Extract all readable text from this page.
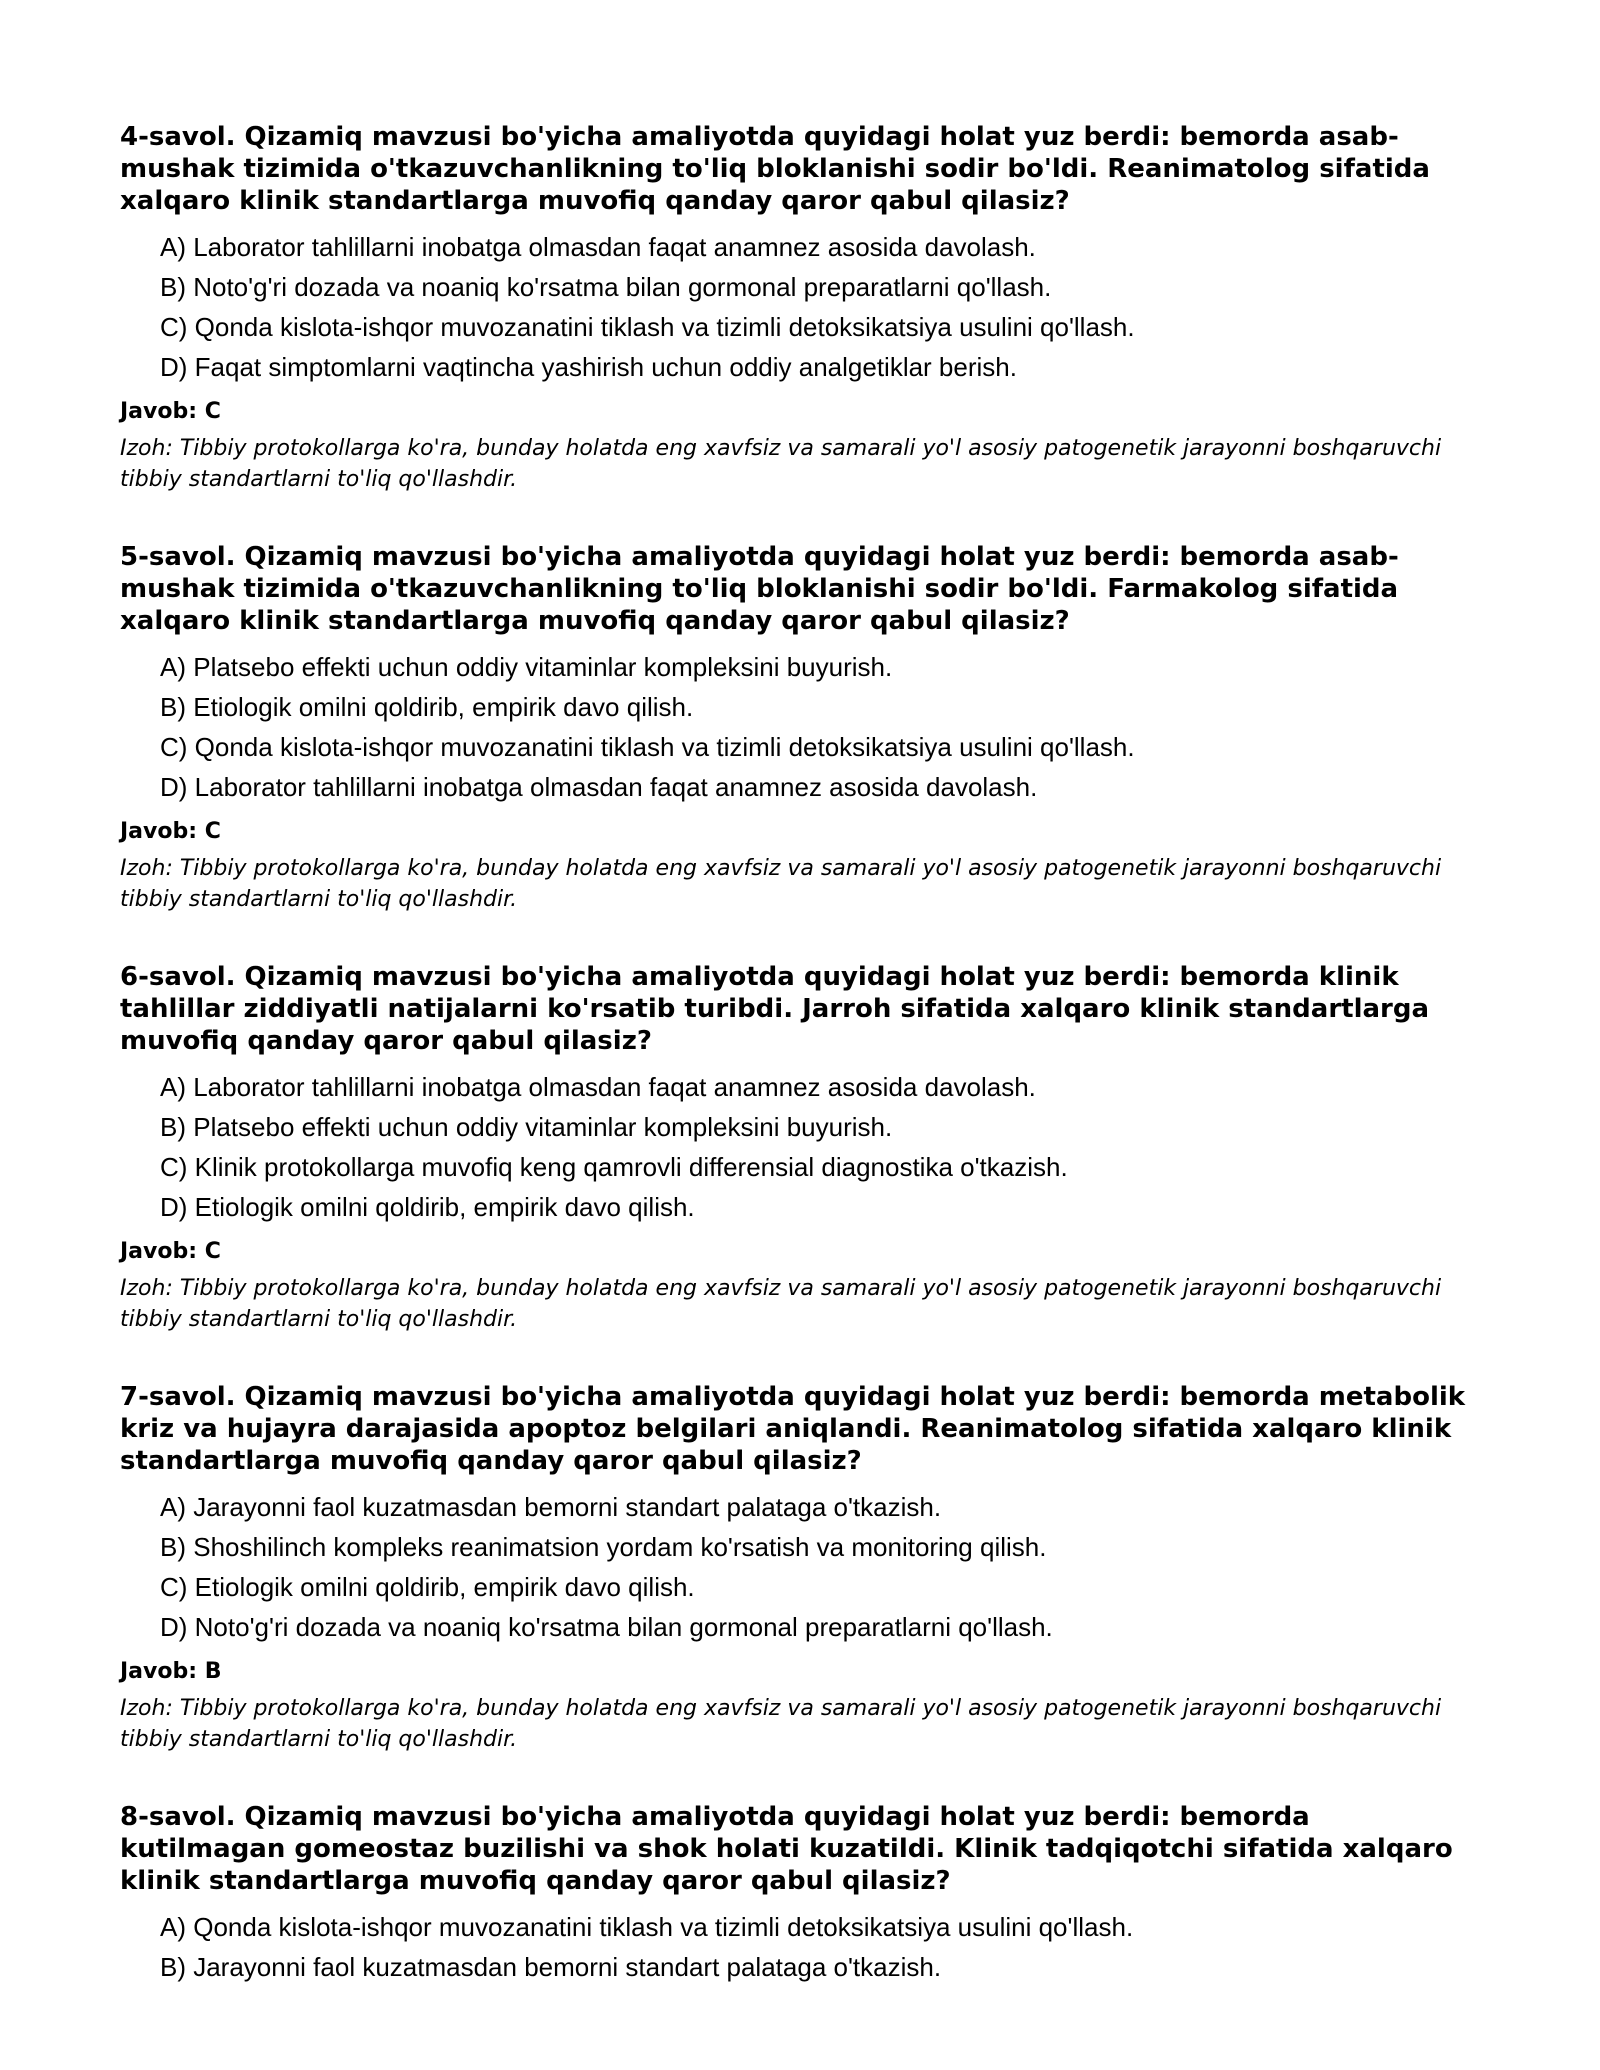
4-savol. Qizamiq mavzusi bo'yicha amaliyotda quyidagi holat yuz berdi: bemorda asab-mushak tizimida o'tkazuvchanlikning to'liq bloklanishi sodir bo'ldi. Reanimatolog sifatida xalqaro klinik standartlarga muvofiq qanday qaror qabul qilasiz?

A) Laborator tahlillarni inobatga olmasdan faqat anamnez asosida davolash.
B) Noto'g'ri dozada va noaniq ko'rsatma bilan gormonal preparatlarni qo'llash.
C) Qonda kislota-ishqor muvozanatini tiklash va tizimli detoksikatsiya usulini qo'llash.
D) Faqat simptomlarni vaqtincha yashirish uchun oddiy analgetiklar berish.

Javob: C

Izoh: Tibbiy protokollarga ko'ra, bunday holatda eng xavfsiz va samarali yo'l asosiy patogenetik jarayonni boshqaruvchi tibbiy standartlarni to'liq qo'llashdir.

5-savol. Qizamiq mavzusi bo'yicha amaliyotda quyidagi holat yuz berdi: bemorda asab-mushak tizimida o'tkazuvchanlikning to'liq bloklanishi sodir bo'ldi. Farmakolog sifatida xalqaro klinik standartlarga muvofiq qanday qaror qabul qilasiz?

A) Platsebo effekti uchun oddiy vitaminlar kompleksini buyurish.
B) Etiologik omilni qoldirib, empirik davo qilish.
C) Qonda kislota-ishqor muvozanatini tiklash va tizimli detoksikatsiya usulini qo'llash.
D) Laborator tahlillarni inobatga olmasdan faqat anamnez asosida davolash.

Javob: C

Izoh: Tibbiy protokollarga ko'ra, bunday holatda eng xavfsiz va samarali yo'l asosiy patogenetik jarayonni boshqaruvchi tibbiy standartlarni to'liq qo'llashdir.

6-savol. Qizamiq mavzusi bo'yicha amaliyotda quyidagi holat yuz berdi: bemorda klinik tahlillar ziddiyatli natijalarni ko'rsatib turibdi. Jarroh sifatida xalqaro klinik standartlarga muvofiq qanday qaror qabul qilasiz?

A) Laborator tahlillarni inobatga olmasdan faqat anamnez asosida davolash.
B) Platsebo effekti uchun oddiy vitaminlar kompleksini buyurish.
C) Klinik protokollarga muvofiq keng qamrovli differensial diagnostika o'tkazish.
D) Etiologik omilni qoldirib, empirik davo qilish.

Javob: C

Izoh: Tibbiy protokollarga ko'ra, bunday holatda eng xavfsiz va samarali yo'l asosiy patogenetik jarayonni boshqaruvchi tibbiy standartlarni to'liq qo'llashdir.

7-savol. Qizamiq mavzusi bo'yicha amaliyotda quyidagi holat yuz berdi: bemorda metabolik kriz va hujayra darajasida apoptoz belgilari aniqlandi. Reanimatolog sifatida xalqaro klinik standartlarga muvofiq qanday qaror qabul qilasiz?

A) Jarayonni faol kuzatmasdan bemorni standart palataga o'tkazish.
B) Shoshilinch kompleks reanimatsion yordam ko'rsatish va monitoring qilish.
C) Etiologik omilni qoldirib, empirik davo qilish.
D) Noto'g'ri dozada va noaniq ko'rsatma bilan gormonal preparatlarni qo'llash.

Javob: B

Izoh: Tibbiy protokollarga ko'ra, bunday holatda eng xavfsiz va samarali yo'l asosiy patogenetik jarayonni boshqaruvchi tibbiy standartlarni to'liq qo'llashdir.

8-savol. Qizamiq mavzusi bo'yicha amaliyotda quyidagi holat yuz berdi: bemorda kutilmagan gomeostaz buzilishi va shok holati kuzatildi. Klinik tadqiqotchi sifatida xalqaro klinik standartlarga muvofiq qanday qaror qabul qilasiz?

A) Qonda kislota-ishqor muvozanatini tiklash va tizimli detoksikatsiya usulini qo'llash.
B) Jarayonni faol kuzatmasdan bemorni standart palataga o'tkazish.
